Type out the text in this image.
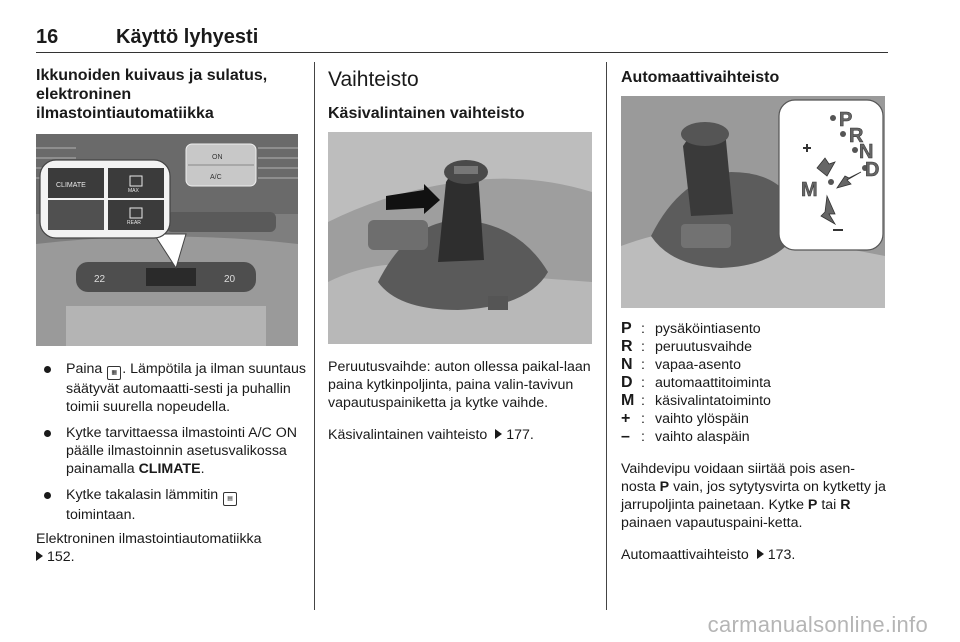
16	Käyttö lyhyesti
Ikkunoiden kuivaus ja sulatus,
elektroninen
ilmastointiautomatiikka
22	20
ON
A/C
CLIMATE
MAX
REAR
Paina ▦ . Lämpötila ja ilman suuntaus säätyvät automaatti-sesti ja puhallin toimii suurella nopeudella.
Kytke tarvittaessa ilmastointi A/C ON päälle ilmastoinnin asetusvalikossa painamalla CLIMATE.
Kytke takalasin lämmitin ▤ toimintaan.
Elektroninen ilmastointiautomatiikka
152.
Vaihteisto
Käsivalintainen vaihteisto
Peruutusvaihde: auton ollessa paikal-laan paina kytkinpoljinta, paina valin-tavivun vapautuspainiketta ja kytke vaihde.
Käsivalintainen vaihteisto 177.
Automaattivaihteisto
P
R
N
D
M
P	:	pysäköintiasento
R	:	peruutusvaihde
N	:	vapaa-asento
D	:	automaattitoiminta
M	:	käsivalintatoiminto
+	:	vaihto ylöspäin
–	:	vaihto alaspäin
Vaihdevipu voidaan siirtää pois asen-nosta P vain, jos sytytysvirta on kytketty ja jarrupoljinta painetaan. Kytke P tai R painaen vapautuspaini-ketta.
Automaattivaihteisto 173.
carmanualsonline.info
